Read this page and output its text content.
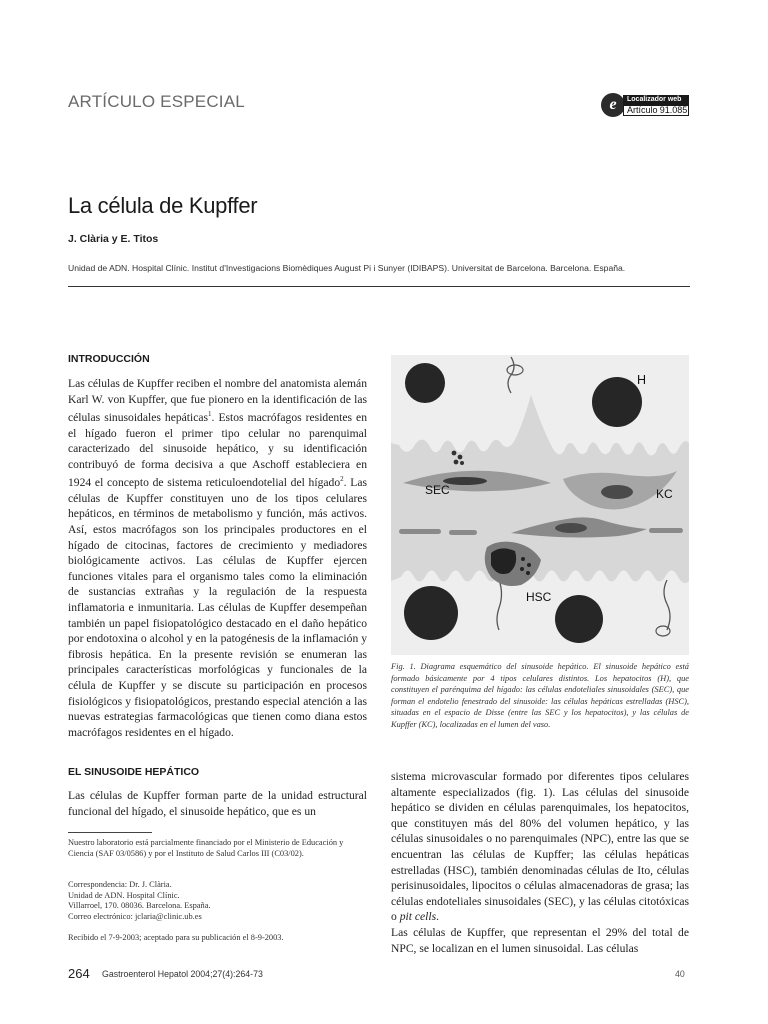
ARTÍCULO ESPECIAL	e	Localizador web
Artículo 91.085
La célula de Kupffer
J. Clària y E. Titos
Unidad de ADN. Hospital Clínic. Institut d'Investigacions Biomèdiques August Pi i Sunyer (IDIBAPS). Universitat de Barcelona. Barcelona. España.
INTRODUCCIÓN
Las células de Kupffer reciben el nombre del anatomista alemán Karl W. von Kupffer, que fue pionero en la identificación de las células sinusoidales hepáticas$^1$. Estos macrófagos residentes en el hígado fueron el primer tipo celular no parenquimal caracterizado del sinusoide hepático, y su identificación contribuyó de forma decisiva a que Aschoff estableciera en 1924 el concepto de sistema reticuloendotelial del hígado$^2$. Las células de Kupffer constituyen uno de los tipos celulares hepáticos, en términos de metabolismo y función, más activos. Así, estos macrófagos son los principales productores en el hígado de citocinas, factores de crecimiento y mediadores biológicamente activos. Las células de Kupffer ejercen funciones vitales para el organismo tales como la eliminación de sustancias extrañas y la regulación de la respuesta inflamatoria e inmunitaria. Las células de Kupffer desempeñan también un papel fisiopatológico destacado en el daño hepático por endotoxina o alcohol y en la patogénesis de la inflamación y fibrosis hepática. En la presente revisión se enumeran las principales características morfológicas y funcionales de la célula de Kupffer y se discute su participación en procesos fisiológicos y fisiopatológicos, prestando especial atención a las nuevas estrategias farmacológicas que tienen como diana estos macrófagos residentes en el hígado.
EL SINUSOIDE HEPÁTICO
Las células de Kupffer forman parte de la unidad estructural funcional del hígado, el sinusoide hepático, que es un
Nuestro laboratorio está parcialmente financiado por el Ministerio de Educación y Ciencia (SAF 03/0586) y por el Instituto de Salud Carlos III (C03/02).
Correspondencia: Dr. J. Clària.
Unidad de ADN. Hospital Clínic.
Villarroel, 170. 08036. Barcelona. España.
Correo electrónico: jclaria@clinic.ub.es
Recibido el 7-9-2003; aceptado para su publicación el 8-9-2003.
H
SEC	KC
HSC
Fig. 1. Diagrama esquemático del sinusoide hepático. El sinusoide hepático está formado básicamente por 4 tipos celulares distintos. Los hepatocitos (H), que constituyen el parénquima del hígado: las células endoteliales sinusoidales (SEC), que forman el endotelio fenestrado del sinusoide: las células hepáticas estrelladas (HSC), situadas en el espacio de Disse (entre las SEC y los hepatocitos), y las células de Kupffer (KC), localizadas en el lumen del vaso.

sistema microvascular formado por diferentes tipos celulares altamente especializados (fig. 1). Las células del sinusoide hepático se dividen en células parenquimales, los hepatocitos, que constituyen más del 80% del volumen hepático, y las células sinusoidales o no parenquimales (NPC), entre las que se encuentran las células de Kupffer; las células hepáticas estrelladas (HSC), también denominadas células de Ito, células perisinusoidales, lipocitos o células almacenadoras de grasa; las células endoteliales sinusoidales (SEC), y las células citotóxicas o pit cells.

Las células de Kupffer, que representan el 29% del total de NPC, se localizan en el lumen sinusoidal. Las células

264 Gastroenterol Hepatol 2004;27(4):264-73	40
